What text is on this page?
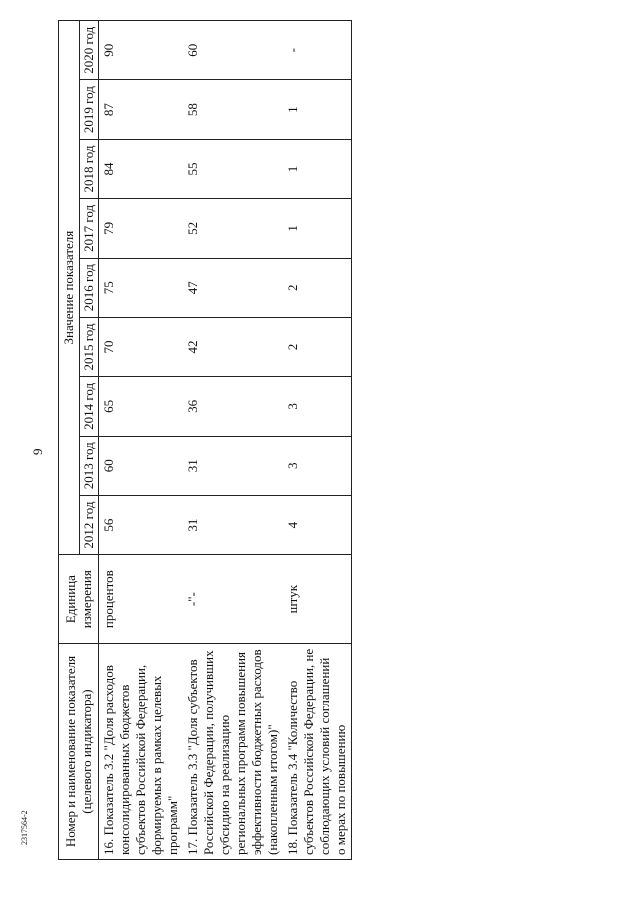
9
Номер и наименование показателя (целевого индикатора)	Единица измерения	Значение показателя								
		2012 год	2013 год	2014 год	2015 год	2016 год	2017 год	2018 год	2019 год	2020 год
16. Показатель 3.2 "Доля расходов консолидированных бюджетов субъектов Российской Федерации, формируемых в рамках целевых программ"	процентов	56	60	65	70	75	79	84	87	90
17. Показатель 3.3 "Доля субъектов Российской Федерации, получивших субсидию на реализацию региональных программ повышения эффективности бюджетных расходов (накопленным итогом)"	-"-	31	31	36	42	47	52	55	58	60
18. Показатель 3.4 "Количество субъектов Российской Федерации, не соблюдающих условий соглашений о мерах по повышению	штук	4	3	3	2	2	1	1	1	-
2317564-2
